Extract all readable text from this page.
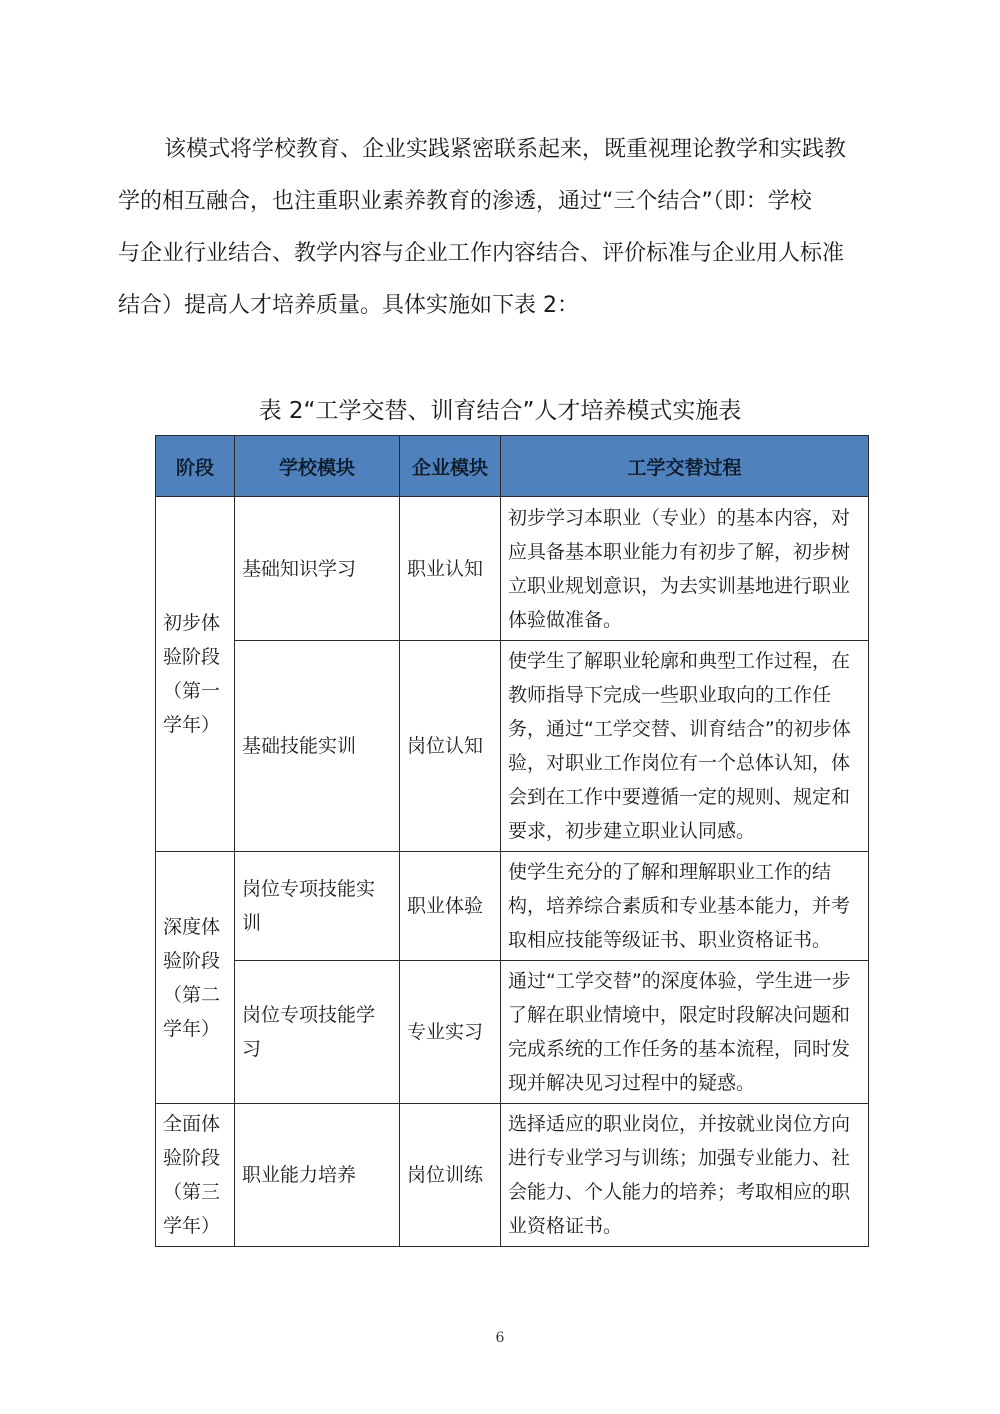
该模式将学校教育、企业实践紧密联系起来，既重视理论教学和实践教
学的相互融合，也注重职业素养教育的渗透，通过“三个结合”（即：学校
与企业行业结合、教学内容与企业工作内容结合、评价标准与企业用人标准
结合）提高人才培养质量。具体实施如下表 2：
表 2“工学交替、训育结合”人才培养模式实施表
阶段	学校模块	企业模块	工学交替过程
初步体验阶段（第一学年）	基础知识学习	职业认知	初步学习本职业（专业）的基本内容，对应具备基本职业能力有初步了解，初步树立职业规划意识，为去实训基地进行职业体验做准备。
	基础技能实训	岗位认知	使学生了解职业轮廓和典型工作过程，在教师指导下完成一些职业取向的工作任务，通过“工学交替、训育结合”的初步体验，对职业工作岗位有一个总体认知，体会到在工作中要遵循一定的规则、规定和要求，初步建立职业认同感。
深度体验阶段（第二学年）	岗位专项技能实训	职业体验	使学生充分的了解和理解职业工作的结构，培养综合素质和专业基本能力，并考取相应技能等级证书、职业资格证书。
	岗位专项技能学习	专业实习	通过“工学交替”的深度体验，学生进一步了解在职业情境中，限定时段解决问题和完成系统的工作任务的基本流程，同时发现并解决见习过程中的疑惑。
全面体验阶段（第三学年）	职业能力培养	岗位训练	选择适应的职业岗位，并按就业岗位方向进行专业学习与训练；加强专业能力、社会能力、个人能力的培养；考取相应的职业资格证书。
6
